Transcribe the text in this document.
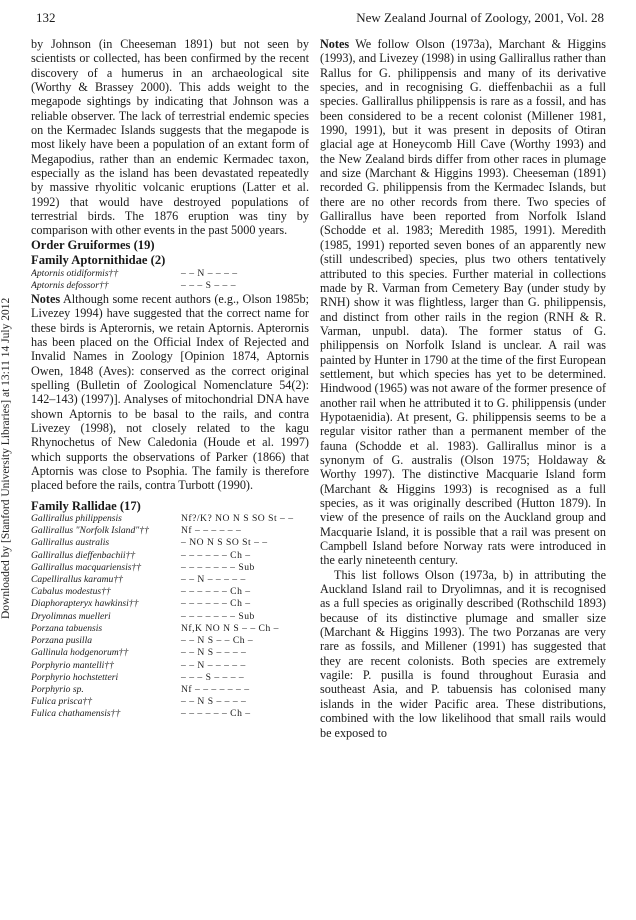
132	New Zealand Journal of Zoology, 2001, Vol. 28
Downloaded by [Stanford University Libraries] at 13:11 14 July 2012

by Johnson (in Cheeseman 1891) but not seen by scientists or collected, has been confirmed by the recent discovery of a humerus in an archaeological site (Worthy & Brassey 2000). This adds weight to the megapode sightings by indicating that Johnson was a reliable observer. The lack of terrestrial endemic species on the Kermadec Islands suggests that the megapode is most likely have been a population of an extant form of Megapodius, rather than an endemic Kermadec taxon, especially as the island has been devastated repeatedly by massive rhyolitic volcanic eruptions (Latter et al. 1992) that would have destroyed populations of terrestrial birds. The 1876 eruption was tiny by comparison with other events in the past 5000 years.

Order Gruiformes (19)
Family Aptornithidae (2)
Aptornis otidiformis††	– – N – – – –
Aptornis defossor††	– – – S – – –

Notes Although some recent authors (e.g., Olson 1985b; Livezey 1994) have suggested that the correct name for these birds is Apterornis, we retain Aptornis. Apterornis has been placed on the Official Index of Rejected and Invalid Names in Zoology [Opinion 1874, Aptornis Owen, 1848 (Aves): conserved as the correct original spelling (Bulletin of Zoological Nomenclature 54(2): 142–143) (1997)]. Analyses of mitochondrial DNA have shown Aptornis to be basal to the rails, and contra Livezey (1998), not closely related to the kagu Rhynochetus of New Caledonia (Houde et al. 1997) which supports the observations of Parker (1866) that Aptornis was close to Psophia. The family is therefore placed before the rails, contra Turbott (1990).

Family Rallidae (17)
Gallirallus philippensis	Nf?/K? NO N S SO St – –
Gallirallus "Norfolk Island"††	Nf – – – – – –
Gallirallus australis	– NO N S SO St – –
Gallirallus dieffenbachii††	– – – – – – Ch –
Gallirallus macquariensis††	– – – – – – – Sub
Capellirallus karamu††	– – N – – – – –
Cabalus modestus††	– – – – – – Ch –
Diaphorapteryx hawkinsi††	– – – – – – Ch –
Dryolimnas muelleri	– – – – – – – Sub
Porzana tabuensis	Nf,K NO N S – – Ch –
Porzana pusilla	– – N S – – Ch –
Gallinula hodgenorum††	– – N S – – – –
Porphyrio mantelli††	– – N – – – – –
Porphyrio hochstetteri	– – – S – – – –
Porphyrio sp.	Nf – – – – – – –
Fulica prisca††	– – N S – – – –
Fulica chathamensis††	– – – – – – Ch –

Notes We follow Olson (1973a), Marchant & Higgins (1993), and Livezey (1998) in using Gallirallus rather than Rallus for G. philippensis and many of its derivative species, and in recognising G. dieffenbachii as a full species. Gallirallus philippensis is rare as a fossil, and has been considered to be a recent colonist (Millener 1981, 1990, 1991), but it was present in deposits of Otiran glacial age at Honeycomb Hill Cave (Worthy 1993) and the New Zealand birds differ from other races in plumage and size (Marchant & Higgins 1993). Cheeseman (1891) recorded G. philippensis from the Kermadec Islands, but there are no other records from there. Two species of Gallirallus have been reported from Norfolk Island (Schodde et al. 1983; Meredith 1985, 1991). Meredith (1985, 1991) reported seven bones of an apparently new (still undescribed) species, plus two others tentatively attributed to this species. Further material in collections made by R. Varman from Cemetery Bay (under study by RNH) show it was flightless, larger than G. philippensis, and distinct from other rails in the region (RNH & R. Varman, unpubl. data). The former status of G. philippensis on Norfolk Island is unclear. A rail was painted by Hunter in 1790 at the time of the first European settlement, but which species has yet to be determined. Hindwood (1965) was not aware of the former presence of another rail when he attributed it to G. philippensis (under Hypotaenidia). At present, G. philippensis seems to be a regular visitor rather than a permanent member of the fauna (Schodde et al. 1983). Gallirallus minor is a synonym of G. australis (Olson 1975; Holdaway & Worthy 1997). The distinctive Macquarie Island form (Marchant & Higgins 1993) is recognised as a full species, as it was originally described (Hutton 1879). In view of the presence of rails on the Auckland group and Macquarie Island, it is possible that a rail was present on Campbell Island before Norway rats were introduced in the early nineteenth century.

This list follows Olson (1973a, b) in attributing the Auckland Island rail to Dryolimnas, and it is recognised as a full species as originally described (Rothschild 1893) because of its distinctive plumage and smaller size (Marchant & Higgins 1993). The two Porzanas are very rare as fossils, and Millener (1991) has suggested that they are recent colonists. Both species are extremely vagile: P. pusilla is found throughout Eurasia and southeast Asia, and P. tabuensis has colonised many islands in the wider Pacific area. These distributions, combined with the low likelihood that small rails would be exposed to
